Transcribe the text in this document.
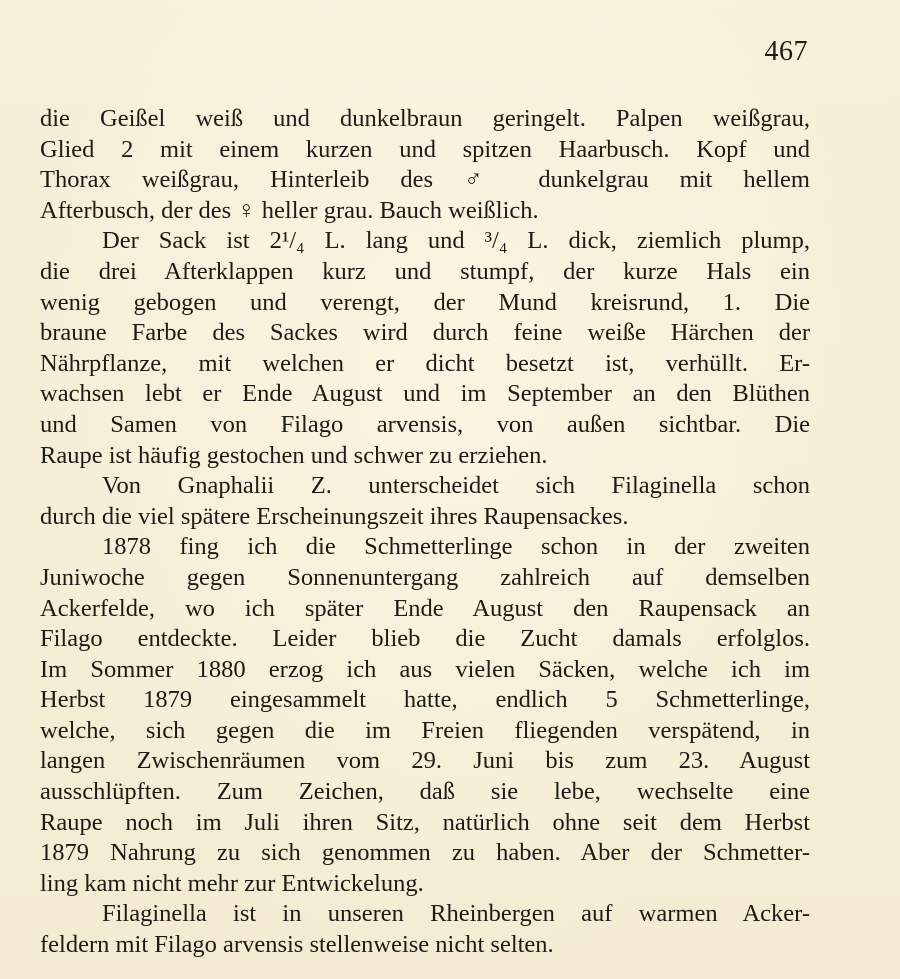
467
die Geißel weiß und dunkelbraun geringelt. Palpen weißgrau,
Glied 2 mit einem kurzen und spitzen Haarbusch. Kopf und
Thorax weißgrau, Hinterleib des ♂ dunkelgrau mit hellem
Afterbusch, der des ♀ heller grau. Bauch weißlich.
Der Sack ist 2¹/₄ L. lang und ³/₄ L. dick, ziemlich plump,
die drei Afterklappen kurz und stumpf, der kurze Hals ein
wenig gebogen und verengt, der Mund kreisrund, 1. Die
braune Farbe des Sackes wird durch feine weiße Härchen der
Nährpflanze, mit welchen er dicht besetzt ist, verhüllt. Er-
wachsen lebt er Ende August und im September an den Blüthen
und Samen von Filago arvensis, von außen sichtbar. Die
Raupe ist häufig gestochen und schwer zu erziehen.
Von Gnaphalii Z. unterscheidet sich Filaginella schon
durch die viel spätere Erscheinungszeit ihres Raupensackes.
1878 fing ich die Schmetterlinge schon in der zweiten
Juniwoche gegen Sonnenuntergang zahlreich auf demselben
Ackerfelde, wo ich später Ende August den Raupensack an
Filago entdeckte. Leider blieb die Zucht damals erfolglos.
Im Sommer 1880 erzog ich aus vielen Säcken, welche ich im
Herbst 1879 eingesammelt hatte, endlich 5 Schmetterlinge,
welche, sich gegen die im Freien fliegenden verspätend, in
langen Zwischenräumen vom 29. Juni bis zum 23. August
ausschlüpften. Zum Zeichen, daß sie lebe, wechselte eine
Raupe noch im Juli ihren Sitz, natürlich ohne seit dem Herbst
1879 Nahrung zu sich genommen zu haben. Aber der Schmetter-
ling kam nicht mehr zur Entwickelung.
Filaginella ist in unseren Rheinbergen auf warmen Acker-
feldern mit Filago arvensis stellenweise nicht selten.
